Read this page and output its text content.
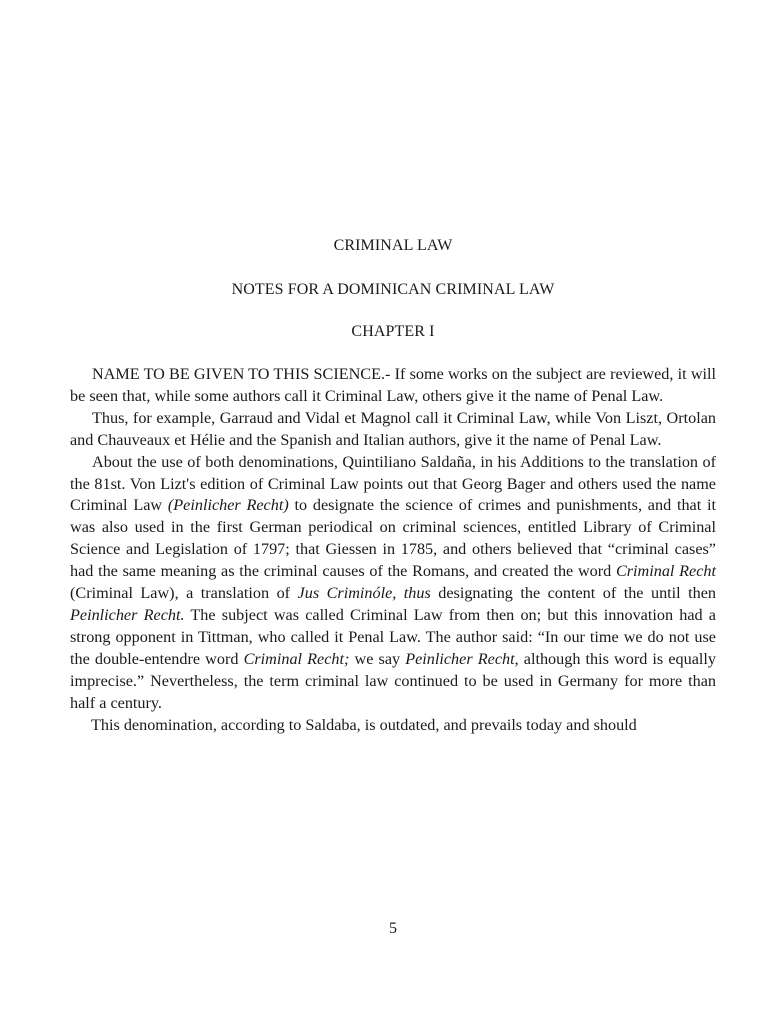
CRIMINAL LAW
NOTES FOR A DOMINICAN CRIMINAL LAW
CHAPTER I

NAME TO BE GIVEN TO THIS SCIENCE.- If some works on the subject are reviewed, it will be seen that, while some authors call it Criminal Law, others give it the name of Penal Law.

Thus, for example, Garraud and Vidal et Magnol call it Criminal Law, while Von Liszt, Ortolan and Chauveaux et Hélie and the Spanish and Italian authors, give it the name of Penal Law.

About the use of both denominations, Quintiliano Saldaña, in his Additions to the translation of the 81st. Von Lizt's edition of Criminal Law points out that Georg Bager and others used the name Criminal Law (Peinlicher Recht) to designate the science of crimes and punishments, and that it was also used in the first German periodical on criminal sciences, entitled Library of Criminal Science and Legislation of 1797; that Giessen in 1785, and others believed that “criminal cases” had the same meaning as the criminal causes of the Romans, and created the word Criminal Recht (Criminal Law), a translation of Jus Criminóle, thus designating the content of the until then Peinlicher Recht. The subject was called Criminal Law from then on; but this innovation had a strong opponent in Tittman, who called it Penal Law. The author said: “In our time we do not use the double-entendre word Criminal Recht; we say Peinlicher Recht, although this word is equally imprecise.” Nevertheless, the term criminal law continued to be used in Germany for more than half a century.

This denomination, according to Saldaba, is outdated, and prevails today and should

5
